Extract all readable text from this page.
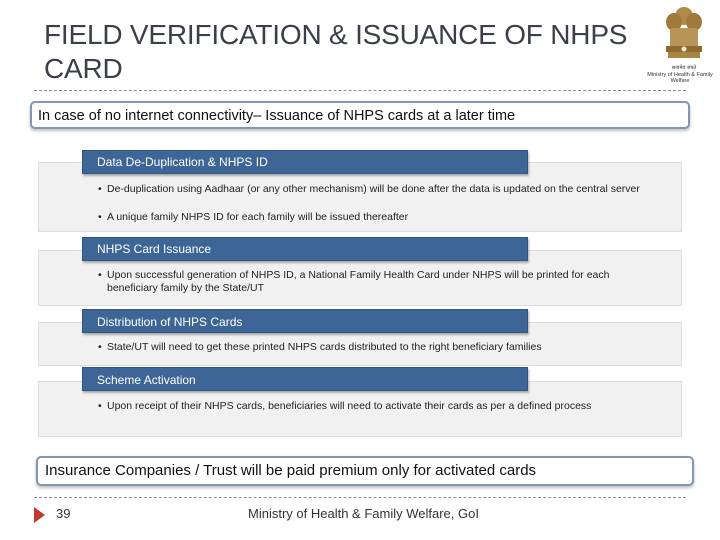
FIELD VERIFICATION & ISSUANCE OF NHPS CARD	सत्यमेव जयते
Ministry of Health & Family Welfare
In case of no internet connectivity– Issuance of NHPS cards at a later time
Data De-Duplication & NHPS ID
• De-duplication using Aadhaar (or any other mechanism) will be done after the data is updated on the central server
• A unique family NHPS ID for each family will be issued thereafter
NHPS Card Issuance
• Upon successful generation of NHPS ID, a National Family Health Card under NHPS will be printed for each beneficiary family by the State/UT
Distribution of NHPS Cards
• State/UT will need to get these printed NHPS cards distributed to the right beneficiary families
Scheme Activation
• Upon receipt of their NHPS cards, beneficiaries will need to activate their cards as per a defined process
Insurance Companies / Trust will be paid premium only for activated cards
39	Ministry of Health & Family Welfare, GoI
